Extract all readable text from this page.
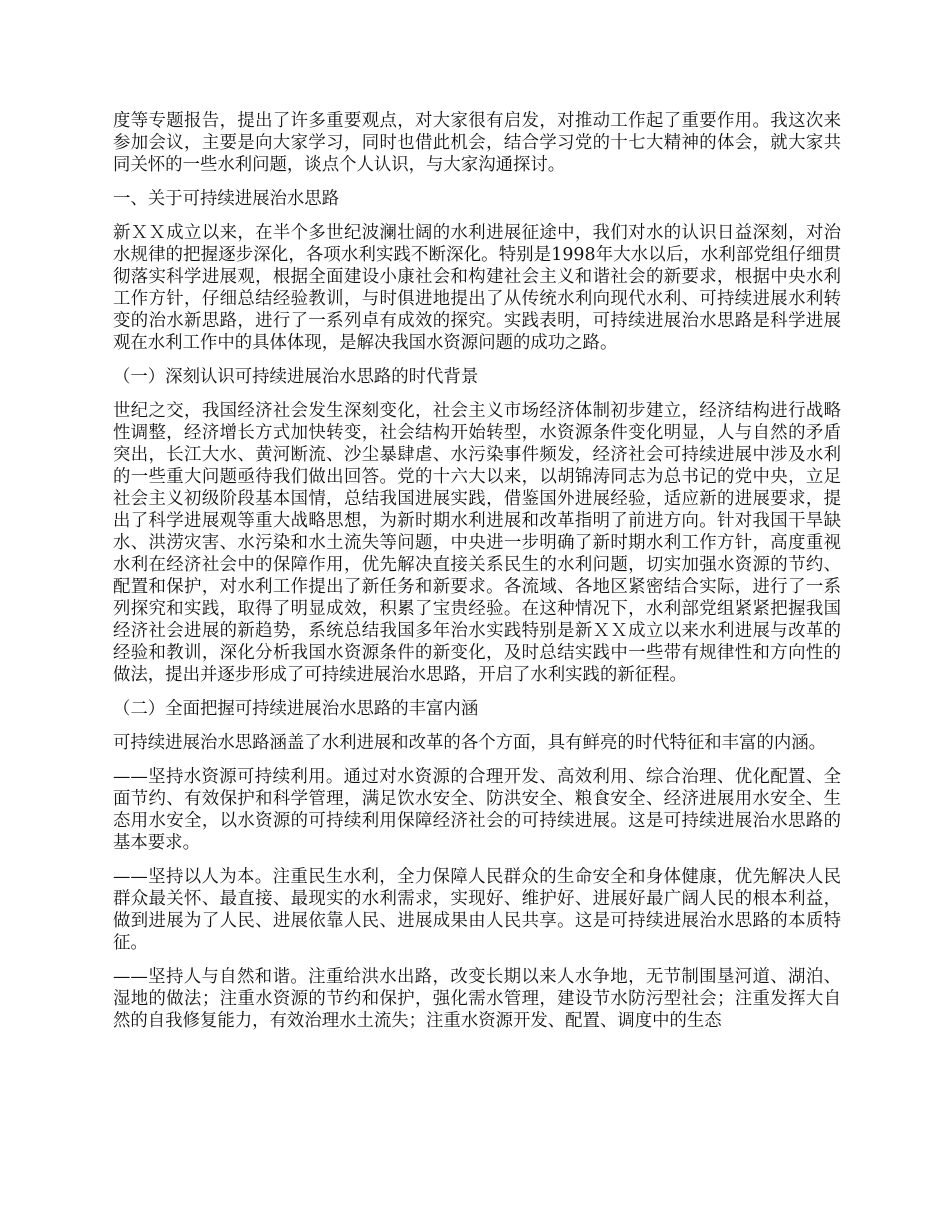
度等专题报告，提出了许多重要观点，对大家很有启发，对推动工作起了重要作用。我这次来参加会议，主要是向大家学习，同时也借此机会，结合学习党的十七大精神的体会，就大家共同关怀的一些水利问题，谈点个人认识，与大家沟通探讨。

一、关于可持续进展治水思路

新ＸＸ成立以来，在半个多世纪波澜壮阔的水利进展征途中，我们对水的认识日益深刻，对治水规律的把握逐步深化，各项水利实践不断深化。特别是1998年大水以后，水利部党组仔细贯彻落实科学进展观，根据全面建设小康社会和构建社会主义和谐社会的新要求，根据中央水利工作方针，仔细总结经验教训，与时俱进地提出了从传统水利向现代水利、可持续进展水利转变的治水新思路，进行了一系列卓有成效的探究。实践表明，可持续进展治水思路是科学进展观在水利工作中的具体体现，是解决我国水资源问题的成功之路。

（一）深刻认识可持续进展治水思路的时代背景

世纪之交，我国经济社会发生深刻变化，社会主义市场经济体制初步建立，经济结构进行战略性调整，经济增长方式加快转变，社会结构开始转型，水资源条件变化明显，人与自然的矛盾突出，长江大水、黄河断流、沙尘暴肆虐、水污染事件频发，经济社会可持续进展中涉及水利的一些重大问题亟待我们做出回答。党的十六大以来，以胡锦涛同志为总书记的党中央，立足社会主义初级阶段基本国情，总结我国进展实践，借鉴国外进展经验，适应新的进展要求，提出了科学进展观等重大战略思想，为新时期水利进展和改革指明了前进方向。针对我国干旱缺水、洪涝灾害、水污染和水土流失等问题，中央进一步明确了新时期水利工作方针，高度重视水利在经济社会中的保障作用，优先解决直接关系民生的水利问题，切实加强水资源的节约、配置和保护，对水利工作提出了新任务和新要求。各流域、各地区紧密结合实际，进行了一系列探究和实践，取得了明显成效，积累了宝贵经验。在这种情况下，水利部党组紧紧把握我国经济社会进展的新趋势，系统总结我国多年治水实践特别是新ＸＸ成立以来水利进展与改革的经验和教训，深化分析我国水资源条件的新变化，及时总结实践中一些带有规律性和方向性的做法，提出并逐步形成了可持续进展治水思路，开启了水利实践的新征程。

（二）全面把握可持续进展治水思路的丰富内涵

可持续进展治水思路涵盖了水利进展和改革的各个方面，具有鲜亮的时代特征和丰富的内涵。

——坚持水资源可持续利用。通过对水资源的合理开发、高效利用、综合治理、优化配置、全面节约、有效保护和科学管理，满足饮水安全、防洪安全、粮食安全、经济进展用水安全、生态用水安全，以水资源的可持续利用保障经济社会的可持续进展。这是可持续进展治水思路的基本要求。

——坚持以人为本。注重民生水利，全力保障人民群众的生命安全和身体健康，优先解决人民群众最关怀、最直接、最现实的水利需求，实现好、维护好、进展好最广阔人民的根本利益，做到进展为了人民、进展依靠人民、进展成果由人民共享。这是可持续进展治水思路的本质特征。

——坚持人与自然和谐。注重给洪水出路，改变长期以来人水争地，无节制围垦河道、湖泊、湿地的做法；注重水资源的节约和保护，强化需水管理，建设节水防污型社会；注重发挥大自然的自我修复能力，有效治理水土流失；注重水资源开发、配置、调度中的生态
